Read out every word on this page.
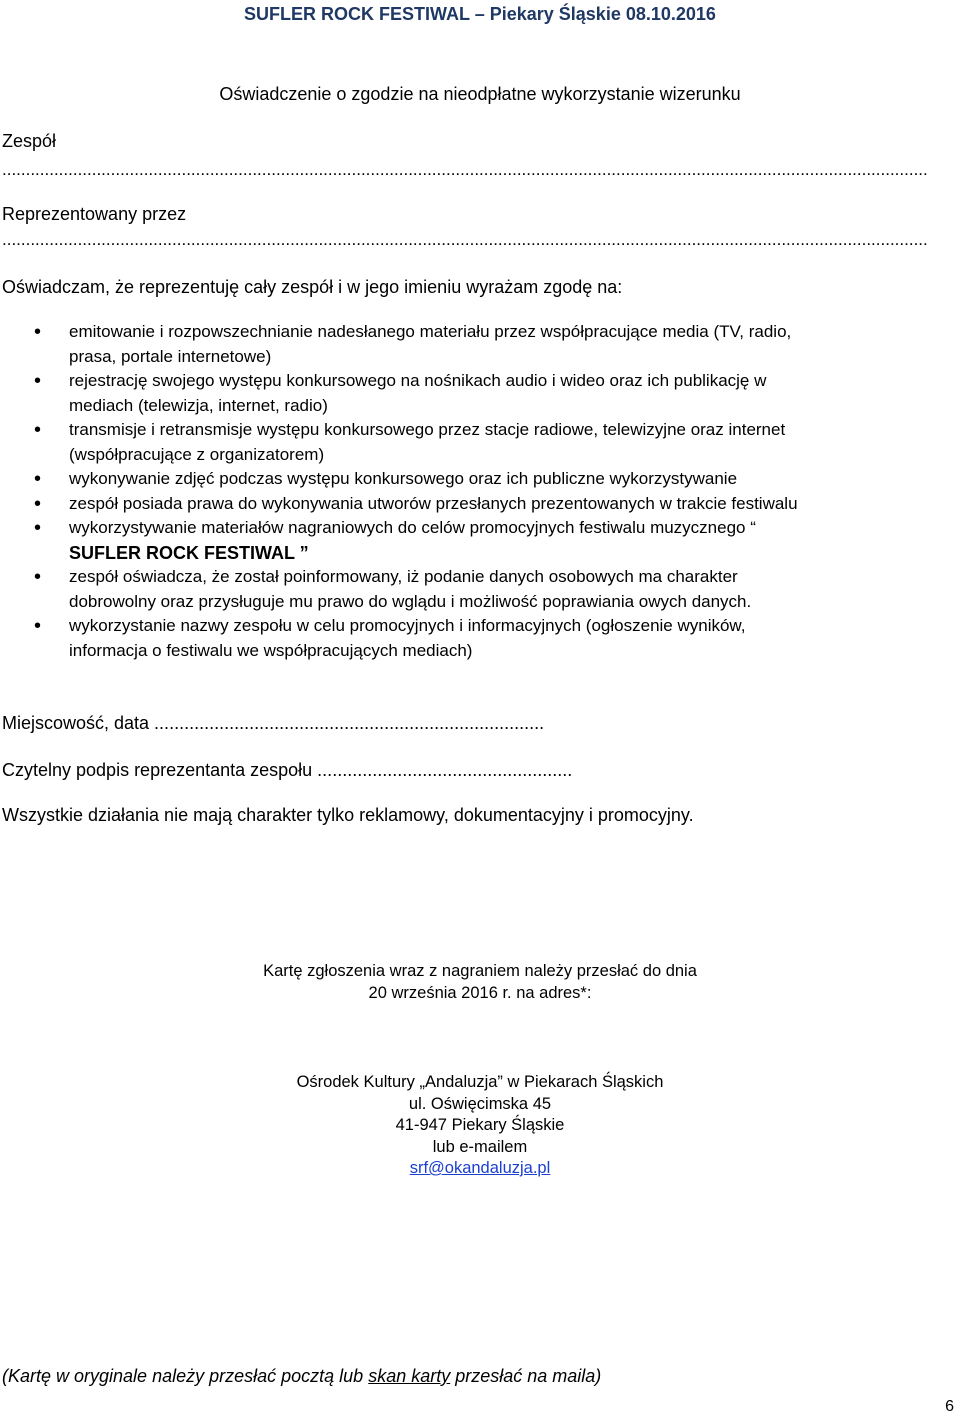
SUFLER ROCK FESTIWAL – Piekary Śląskie 08.10.2016
Oświadczenie o zgodzie na nieodpłatne wykorzystanie wizerunku
Zespół
....................................................................................................................................................................................................
Reprezentowany przez
....................................................................................................................................................................................................
Oświadczam, że reprezentuję cały zespół i w jego imieniu wyrażam zgodę na:
• emitowanie i rozpowszechnianie nadesłanego materiału przez współpracujące media (TV, radio,
prasa, portale internetowe)
• rejestrację swojego występu konkursowego na nośnikach audio i wideo oraz ich publikację w
mediach (telewizja, internet, radio)
• transmisje i retransmisje występu konkursowego przez stacje radiowe, telewizyjne oraz internet
(współpracujące z organizatorem)
• wykonywanie zdjęć podczas występu konkursowego oraz ich publiczne wykorzystywanie
• zespół posiada prawa do wykonywania utworów przesłanych prezentowanych w trakcie festiwalu
• wykorzystywanie materiałów nagraniowych do celów promocyjnych festiwalu muzycznego “
SUFLER ROCK FESTIWAL ”
• zespół oświadcza, że został poinformowany, iż podanie danych osobowych ma charakter
dobrowolny oraz przysługuje mu prawo do wglądu i możliwość poprawiania owych danych.
• wykorzystanie nazwy zespołu w celu promocyjnych i informacyjnych (ogłoszenie wyników,
informacja o festiwalu we współpracujących mediach)
Miejscowość, data ..............................................................................
Czytelny podpis reprezentanta zespołu ...................................................
Wszystkie działania nie mają charakter tylko reklamowy, dokumentacyjny i promocyjny.
Kartę zgłoszenia wraz z nagraniem należy przesłać do dnia
20 września 2016 r. na adres*:
Ośrodek Kultury „Andaluzja” w Piekarach Śląskich
ul. Oświęcimska 45
41-947 Piekary Śląskie
lub e-mailem
srf@okandaluzja.pl
(Kartę w oryginale należy przesłać pocztą lub skan karty przesłać na maila)
6
